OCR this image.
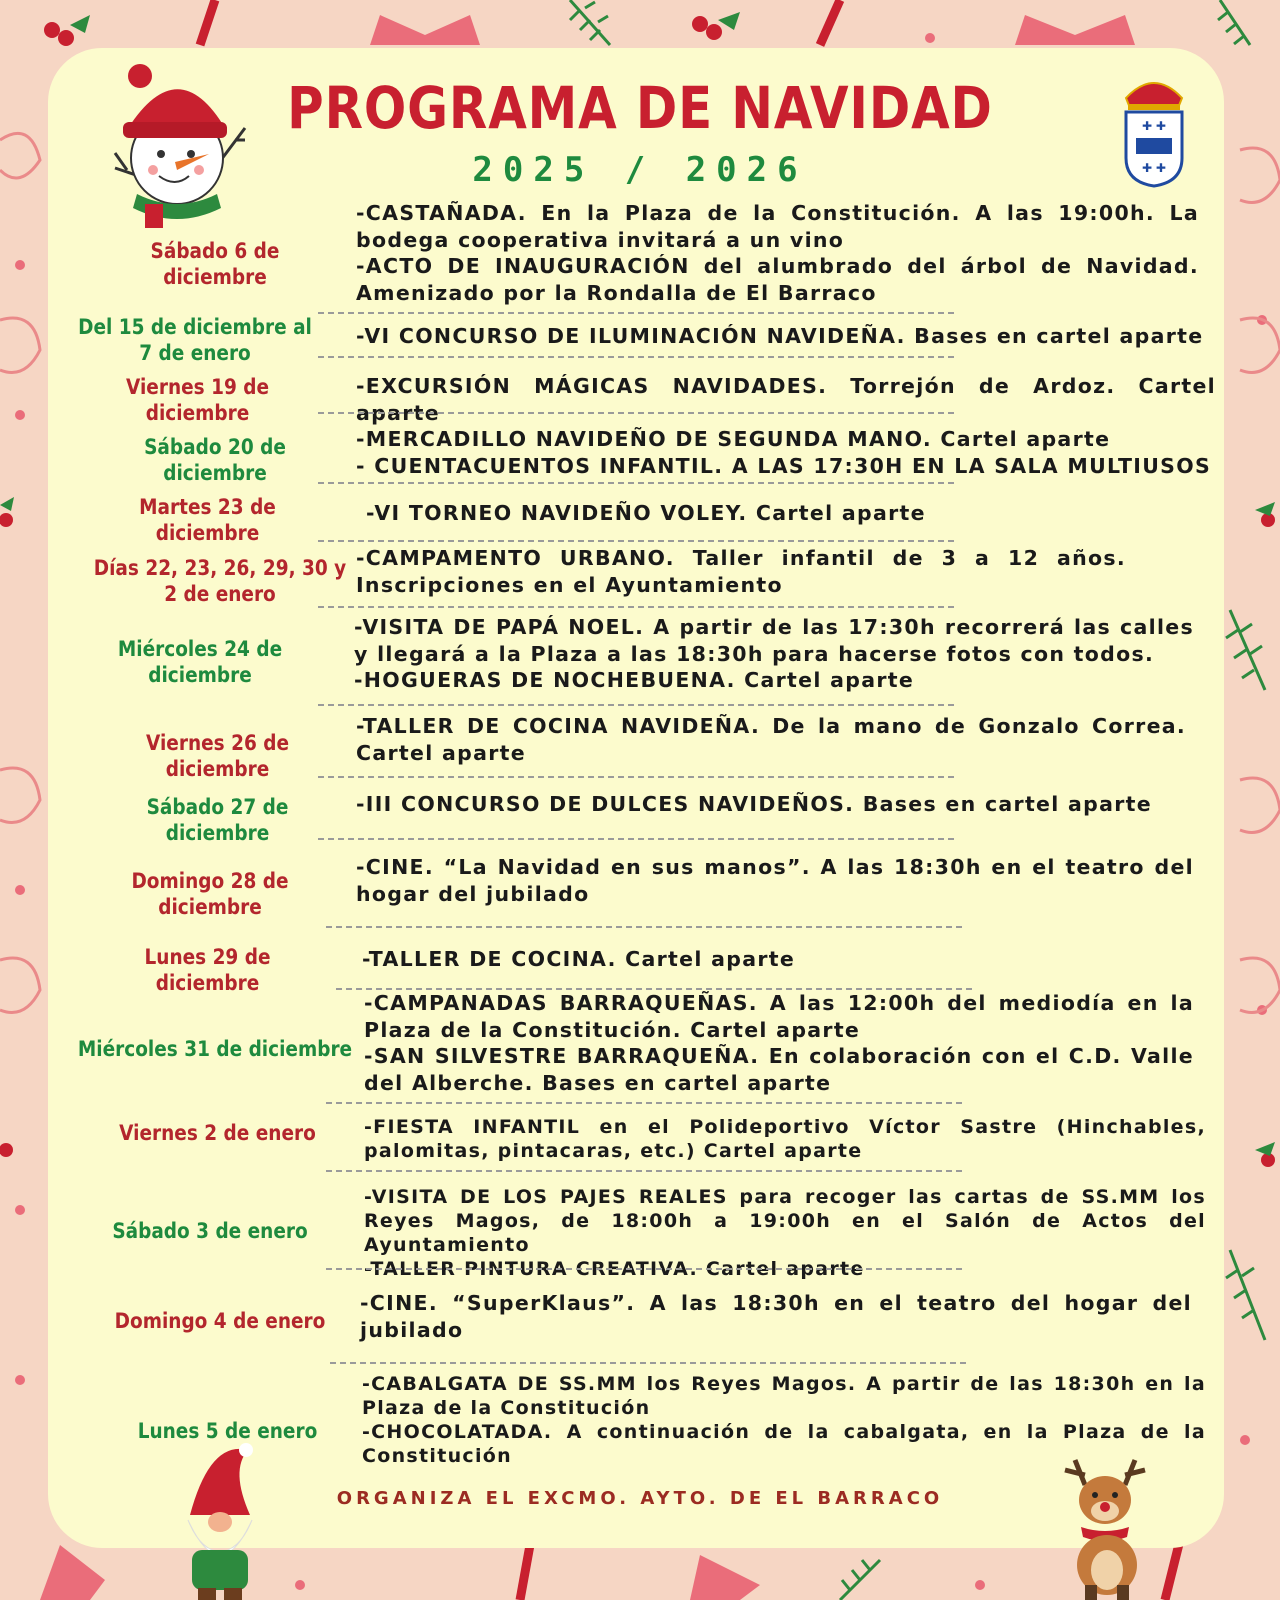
✚ ✚
✚ ✚
PROGRAMA DE NAVIDAD
2025 / 2026
Sábado 6 de diciembre
-CASTAÑADA. En la Plaza de la Constitución. A las 19:00h. La bodega cooperativa invitará a un vino
-ACTO DE INAUGURACIÓN del alumbrado del árbol de Navidad. Amenizado por la Rondalla de El Barraco
Del 15 de diciembre al 7 de enero
-VI CONCURSO DE ILUMINACIÓN NAVIDEÑA. Bases en cartel aparte
Viernes 19 de diciembre
-EXCURSIÓN MÁGICAS NAVIDADES. Torrejón de Ardoz. Cartel aparte
Sábado 20 de diciembre
-MERCADILLO NAVIDEÑO DE SEGUNDA MANO. Cartel aparte
- CUENTACUENTOS INFANTIL. A LAS 17:30H EN LA SALA MULTIUSOS
Martes 23 de diciembre
-VI TORNEO NAVIDEÑO VOLEY. Cartel aparte
Días 22, 23, 26, 29, 30 y 2 de enero
-CAMPAMENTO URBANO. Taller infantil de 3 a 12 años. Inscripciones en el Ayuntamiento
Miércoles 24 de diciembre
-VISITA DE PAPÁ NOEL. A partir de las 17:30h recorrerá las calles y llegará a la Plaza a las 18:30h para hacerse fotos con todos.
-HOGUERAS DE NOCHEBUENA. Cartel aparte
Viernes 26 de diciembre
-TALLER DE COCINA NAVIDEÑA. De la mano de Gonzalo Correa. Cartel aparte
Sábado 27 de diciembre
-III CONCURSO DE DULCES NAVIDEÑOS. Bases en cartel aparte
Domingo 28 de diciembre
-CINE. “La Navidad en sus manos”. A las 18:30h en el teatro del hogar del jubilado
Lunes 29 de diciembre
-TALLER DE COCINA. Cartel aparte
Miércoles 31 de diciembre
-CAMPANADAS BARRAQUEÑAS. A las 12:00h del mediodía en la Plaza de la Constitución. Cartel aparte
-SAN SILVESTRE BARRAQUEÑA. En colaboración con el C.D. Valle del Alberche. Bases en cartel aparte
Viernes 2 de enero	-FIESTA INFANTIL en el Polideportivo Víctor Sastre (Hinchables, palomitas, pintacaras, etc.) Cartel aparte
Sábado 3 de enero
-VISITA DE LOS PAJES REALES para recoger las cartas de SS.MM los Reyes Magos, de 18:00h a 19:00h en el Salón de Actos del Ayuntamiento
-TALLER PINTURA CREATIVA. Cartel aparte
Domingo 4 de enero
-CINE. “SuperKlaus”. A las 18:30h en el teatro del hogar del jubilado
Lunes 5 de enero
-CABALGATA DE SS.MM los Reyes Magos. A partir de las 18:30h en la Plaza de la Constitución
-CHOCOLATADA. A continuación de la cabalgata, en la Plaza de la Constitución
ORGANIZA EL EXCMO. AYTO. DE EL BARRACO
